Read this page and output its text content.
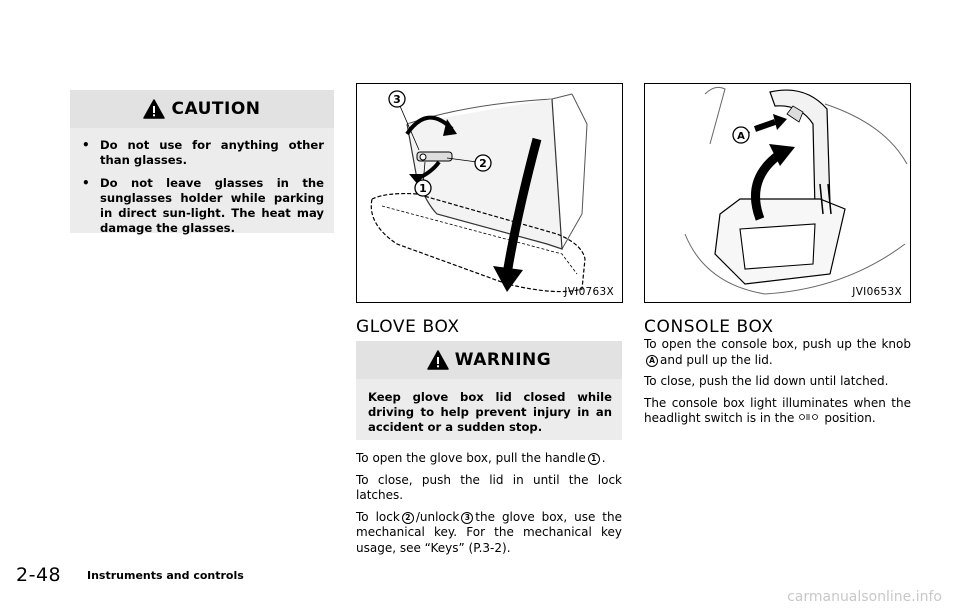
CAUTION
• Do not use for anything other than glasses.
• Do not leave glasses in the sunglasses holder while parking in direct sun-light. The heat may damage the glasses.
3
2
1
JVI0763X
A
JVI0653X
GLOVE BOX
WARNING

Keep glove box lid closed while driving to help prevent injury in an accident or a sudden stop.

To open the glove box, pull the handle 1 .

To close, push the lid in until the lock latches.

To lock 2 /unlock 3 the glove box, use the mechanical key. For the mechanical key usage, see “Keys” (P.3-2).

CONSOLE BOX

To open the console box, push up the knobA and pull up the lid.

To close, push the lid down until latched.

The console box light illuminates when the headlight switch is in the	position.

2-48 Instruments and controls
carmanualsonline.info
